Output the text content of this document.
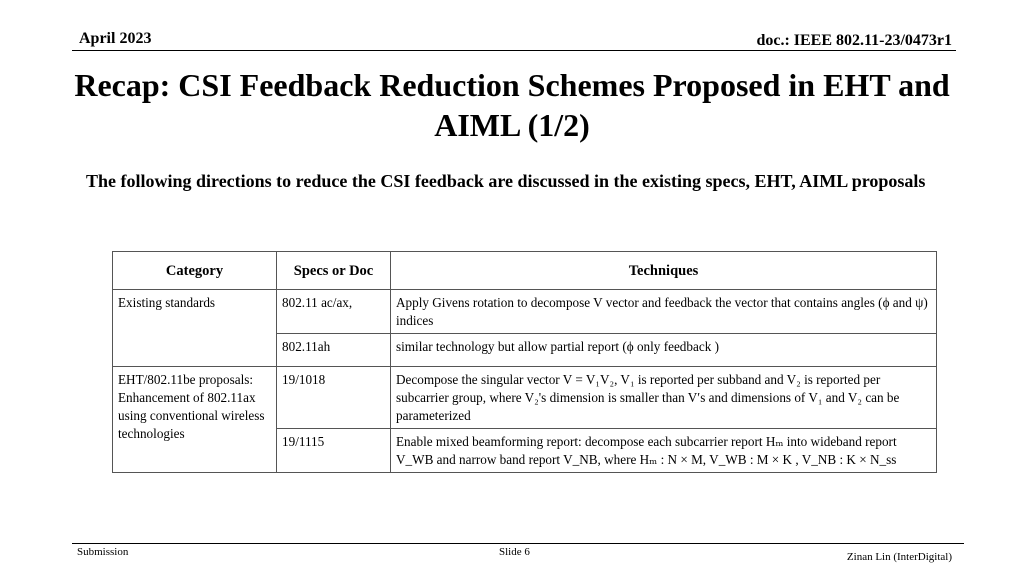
April 2023	doc.: IEEE 802.11-23/0473r1
Recap: CSI Feedback Reduction Schemes Proposed in EHT and AIML (1/2)
The following directions to reduce the CSI feedback are discussed in the existing specs, EHT, AIML proposals
Category	Specs or Doc	Techniques
Existing standards	802.11 ac/ax,	Apply Givens rotation to decompose V vector and feedback the vector that contains angles (ϕ and ψ) indices
	802.11ah	similar technology but allow partial report (ϕ only feedback )
EHT/802.11be proposals: Enhancement of 802.11ax using conventional wireless technologies	19/1018	Decompose the singular vector V = V₁V₂, V₁ is reported per subband and V₂ is reported per subcarrier group, where V₂'s dimension is smaller than V′s and dimensions of V₁ and V₂ can be parameterized
	19/1115	Enable mixed beamforming report: decompose each subcarrier report Hₘ into wideband report V_WB and narrow band report V_NB, where Hₘ : N × M, V_WB : M × K , V_NB : K × N_ss
Submission	Slide 6	Zinan Lin (InterDigital)
